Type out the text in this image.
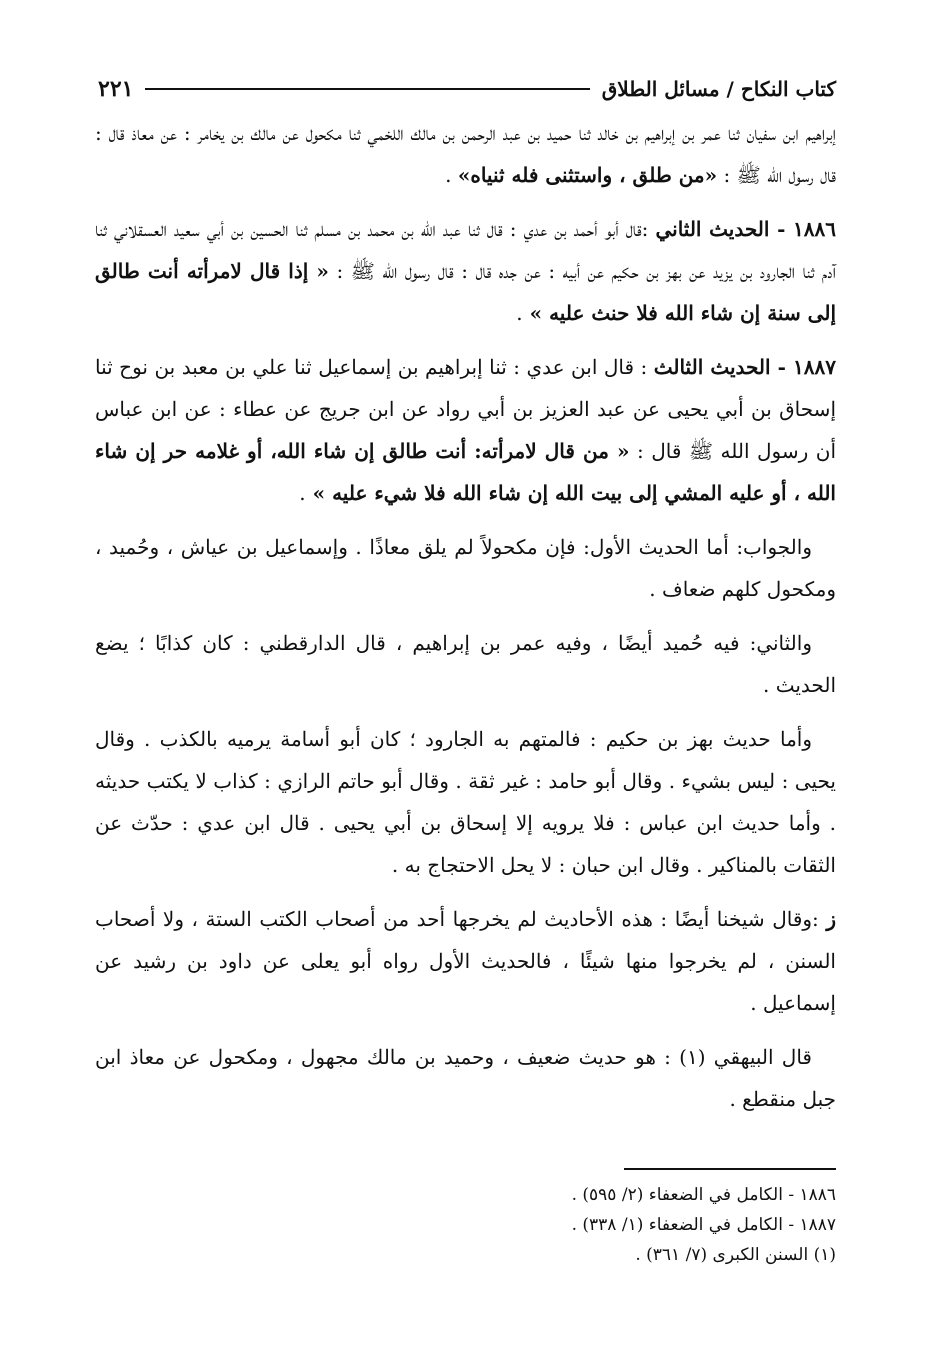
كتاب النكاح / مسائل الطلاق
٢٢١

إبراهيم ابن سفيان ثنا عمر بن إبراهيم بن خالد ثنا حميد بن عبد الرحمن بن مالك اللخمي ثنا مكحول عن مالك بن يخامر : عن معاذ قال : قال رسول الله ﷺ : «من طلق ، واستثنى فله ثنياه» .

١٨٨٦ - الحديث الثاني :قال أبو أحمد بن عدي : قال ثنا عبد الله بن محمد بن مسلم ثنا الحسين بن أبي سعيد العسقلاني ثنا آدم ثنا الجارود بن يزيد عن بهز بن حكيم عن أبيه : عن جده قال : قال رسول الله ﷺ : « إذا قال لامرأته أنت طالق إلى سنة إن شاء الله فلا حنث عليه » .

١٨٨٧ - الحديث الثالث : قال ابن عدي : ثنا إبراهيم بن إسماعيل ثنا علي بن معبد بن نوح ثنا إسحاق بن أبي يحيى عن عبد العزيز بن أبي رواد عن ابن جريج عن عطاء : عن ابن عباس أن رسول الله ﷺ قال : « من قال لامرأته: أنت طالق إن شاء الله، أو غلامه حر إن شاء الله ، أو عليه المشي إلى بيت الله إن شاء الله فلا شيء عليه » .

والجواب: أما الحديث الأول: فإن مكحولاً لم يلق معاذًا . وإسماعيل بن عياش ، وحُميد ، ومكحول كلهم ضعاف .

والثاني: فيه حُميد أيضًا ، وفيه عمر بن إبراهيم ، قال الدارقطني : كان كذابًا ؛ يضع الحديث .

وأما حديث بهز بن حكيم : فالمتهم به الجارود ؛ كان أبو أسامة يرميه بالكذب . وقال يحيى : ليس بشيء . وقال أبو حامد : غير ثقة . وقال أبو حاتم الرازي : كذاب لا يكتب حديثه . وأما حديث ابن عباس : فلا يرويه إلا إسحاق بن أبي يحيى . قال ابن عدي : حدّث عن الثقات بالمناكير . وقال ابن حبان : لا يحل الاحتجاج به .

ز :وقال شيخنا أيضًا : هذه الأحاديث لم يخرجها أحد من أصحاب الكتب الستة ، ولا أصحاب السنن ، لم يخرجوا منها شيئًا ، فالحديث الأول رواه أبو يعلى عن داود بن رشيد عن إسماعيل .

قال البيهقي (١) : هو حديث ضعيف ، وحميد بن مالك مجهول ، ومكحول عن معاذ ابن جبل منقطع .

١٨٨٦ - الكامل في الضعفاء (٢/ ٥٩٥) .

١٨٨٧ - الكامل في الضعفاء (١/ ٣٣٨) .

(١) السنن الكبرى (٧/ ٣٦١) .
